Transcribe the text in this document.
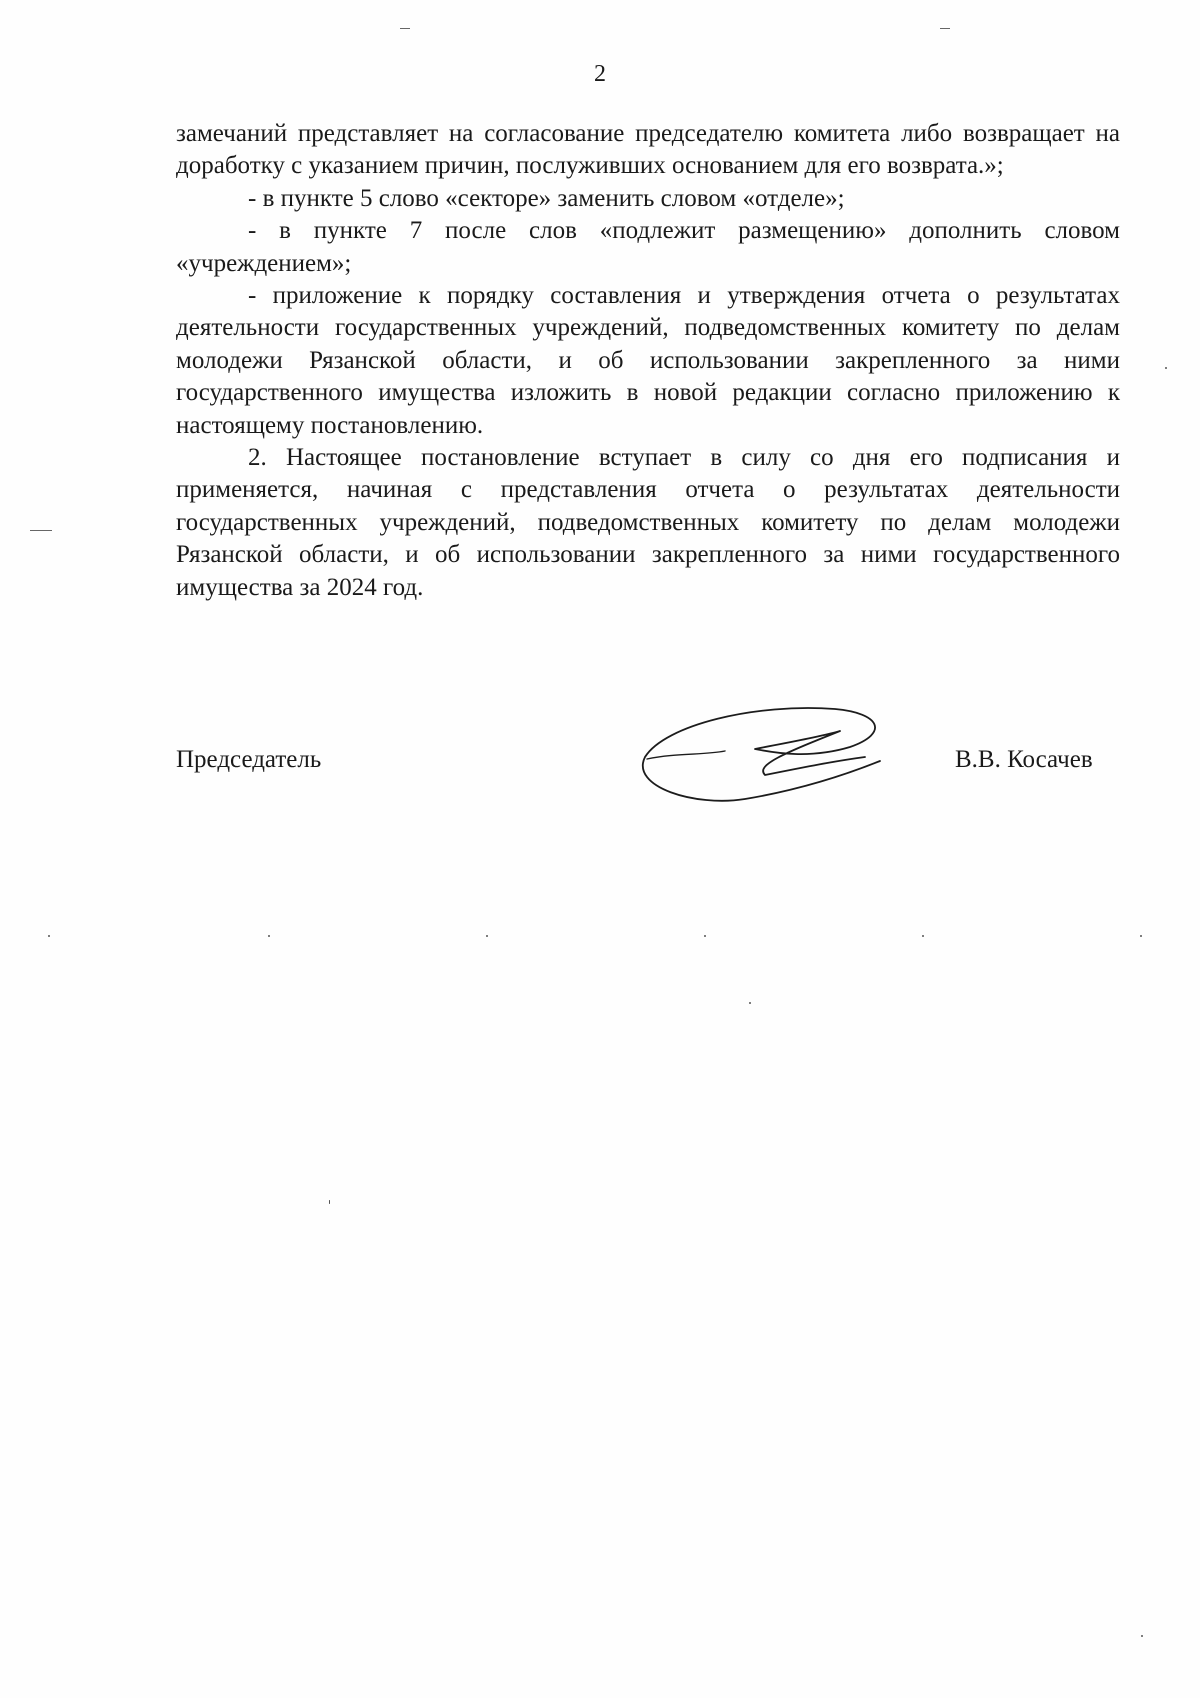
2

замечаний представляет на согласование председателю комитета либо возвращает на доработку с указанием причин, послуживших основанием для его возврата.»;

- в пункте 5 слово «секторе» заменить словом «отделе»;

- в пункте 7 после слов «подлежит размещению» дополнить словом «учреждением»;

- приложение к порядку составления и утверждения отчета о результатах деятельности государственных учреждений, подведомственных комитету по делам молодежи Рязанской области, и об использовании закрепленного за ними государственного имущества изложить в новой редакции согласно приложению к настоящему постановлению.

2. Настоящее постановление вступает в силу со дня его подписания и применяется, начиная с представления отчета о результатах деятельности государственных учреждений, подведомственных комитету по делам молодежи Рязанской области, и об использовании закрепленного за ними государственного имущества за 2024 год.

Председатель	В.В. Косачев
